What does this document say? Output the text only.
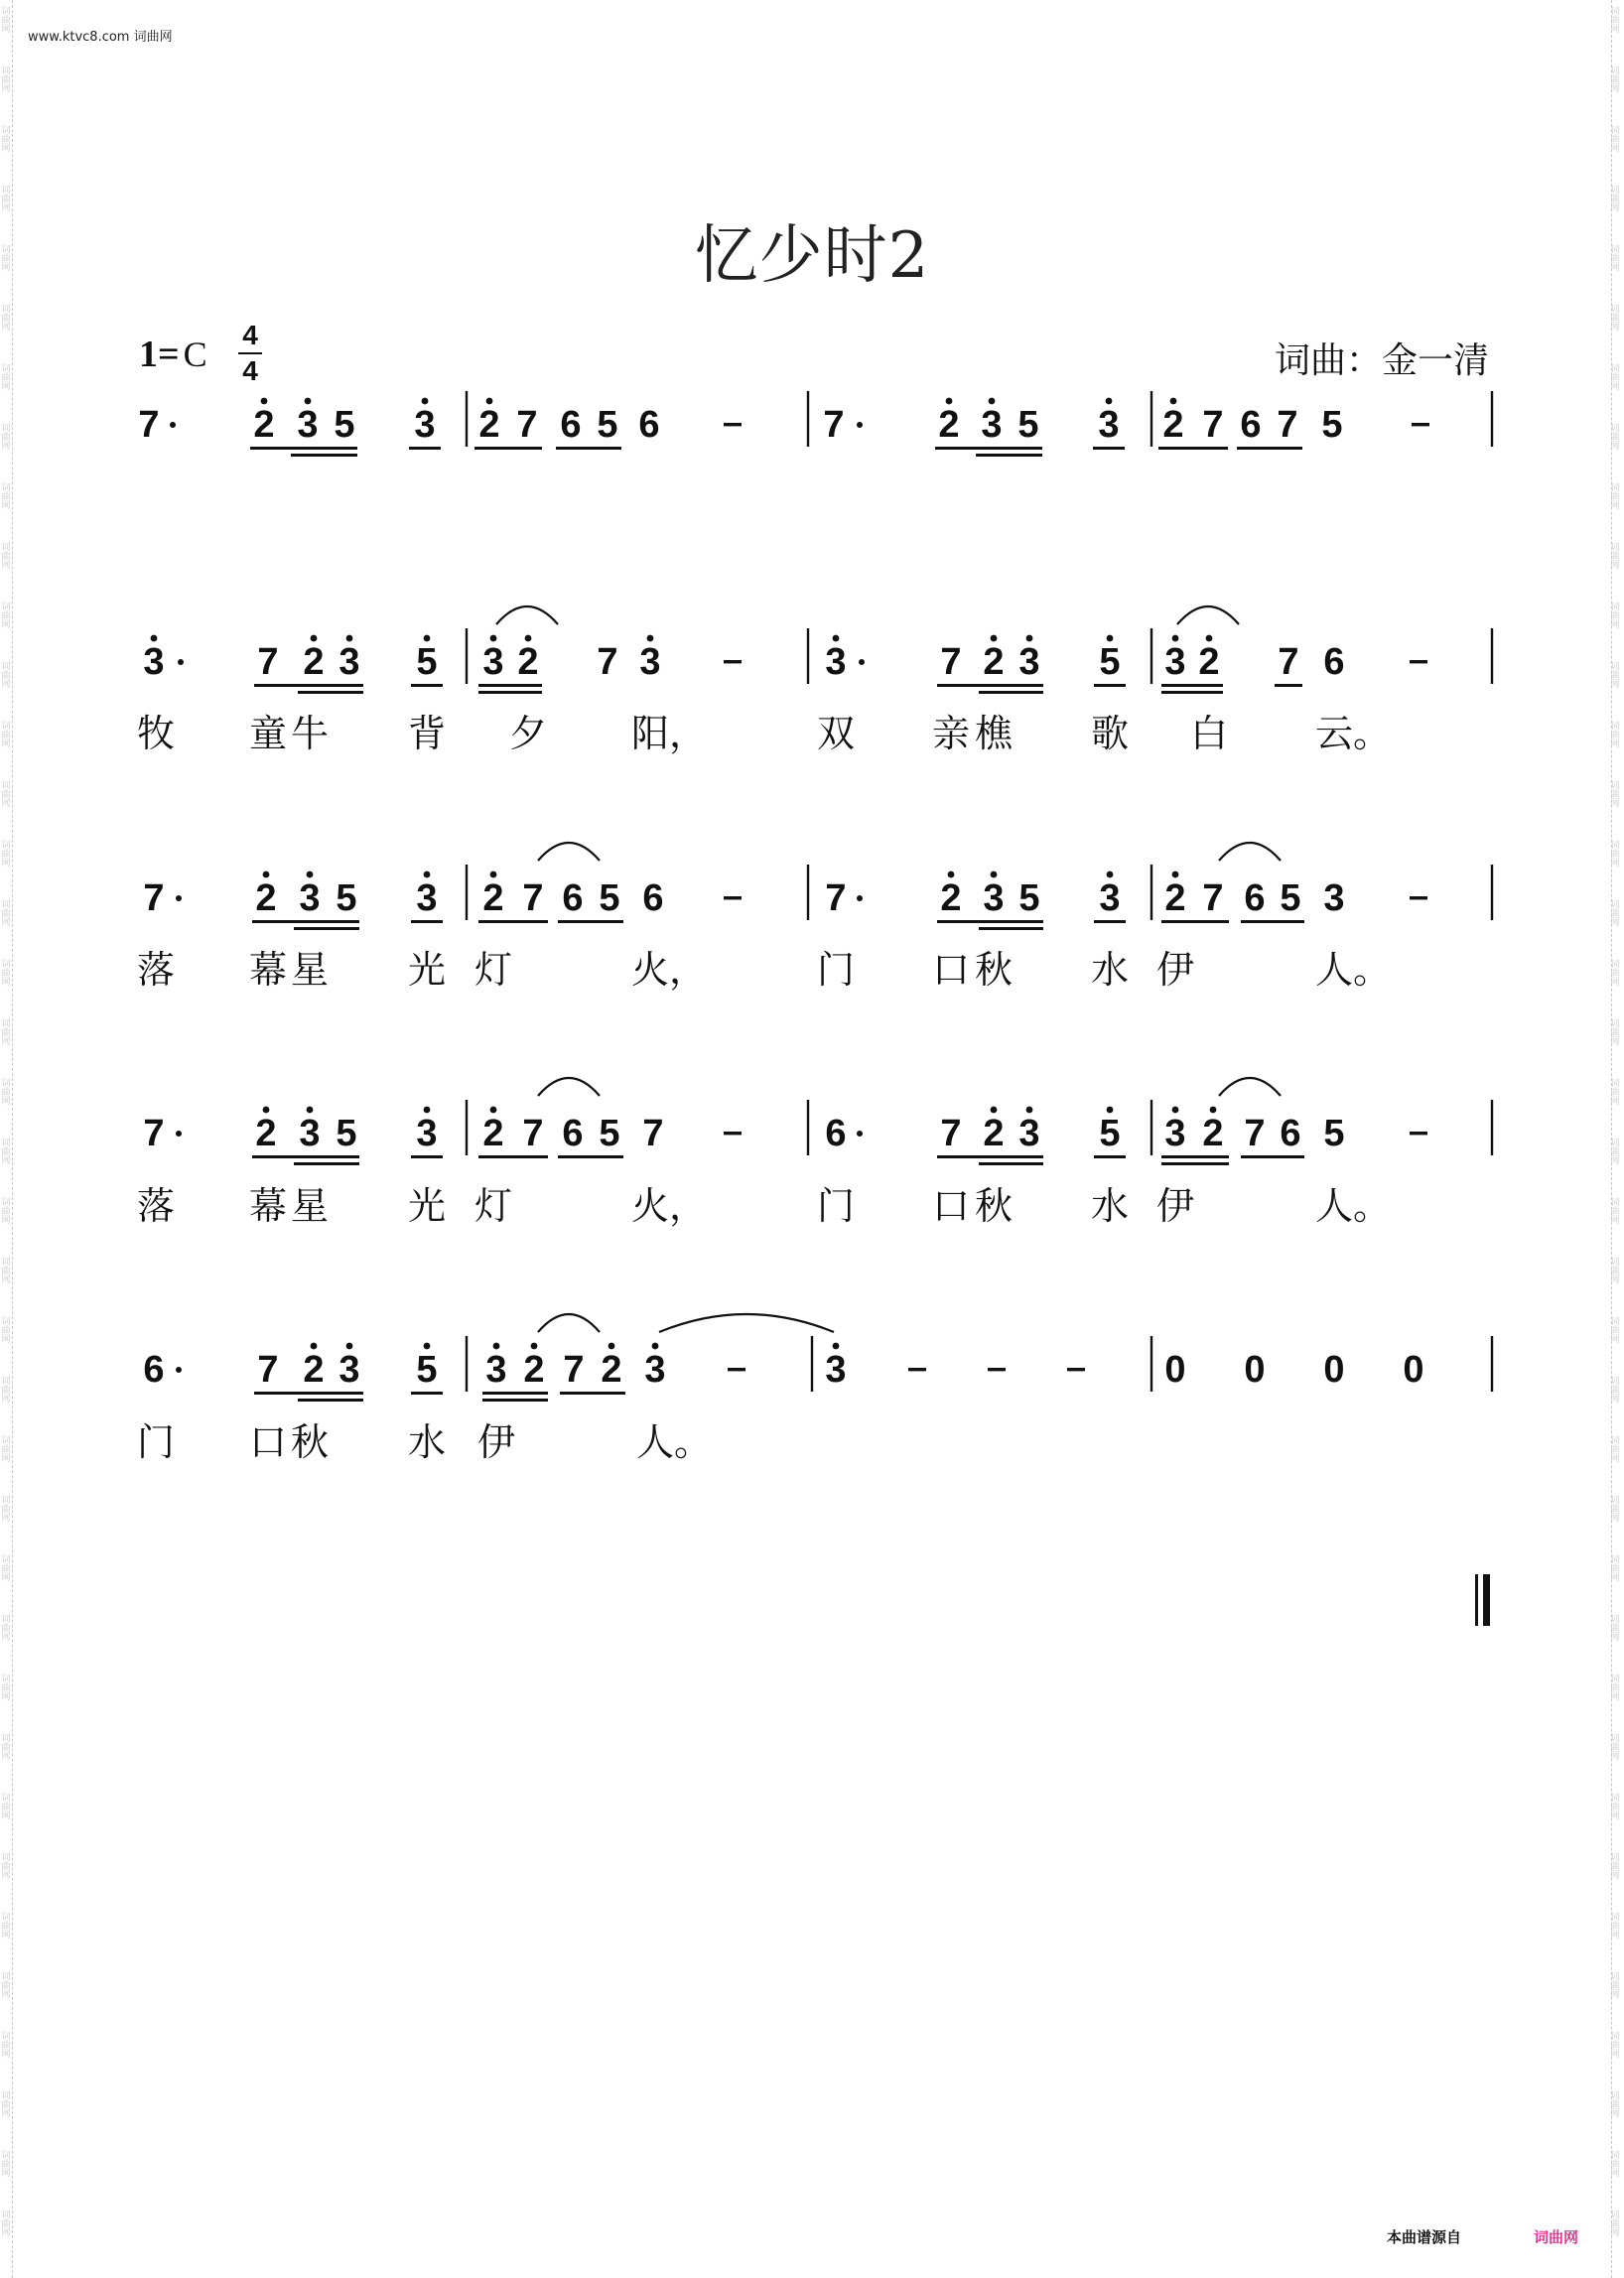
词曲网
词曲网
词曲网
词曲网
词曲网
词曲网
词曲网
词曲网
词曲网
词曲网
词曲网
词曲网
词曲网
词曲网
词曲网
词曲网
词曲网
词曲网
词曲网
词曲网
词曲网
词曲网
词曲网
词曲网
词曲网
词曲网
词曲网
词曲网
词曲网
词曲网
词曲网
词曲网
词曲网
词曲网
词曲网
词曲网
词曲网
词曲网
词曲网
词曲网
词曲网
词曲网
词曲网
词曲网
词曲网
词曲网
词曲网
词曲网
词曲网
词曲网
词曲网
词曲网
词曲网
词曲网
词曲网
词曲网
词曲网
词曲网
词曲网
词曲网
词曲网
词曲网
词曲网
词曲网
词曲网
词曲网
词曲网
词曲网
词曲网
词曲网
词曲网
词曲网
词曲网
词曲网
词曲网
词曲网
www.ktvc8.com 词曲网
忆少时2
1= C 4
4	词曲：金一清
7 2 3 5 3 2 7 6 5 6	7 2 3 5 3 2 7 6 7 5
3 7 2 3 5 3 2 7 3	3 7 2 3 5 3 2 7 6
7 2 3 5 3 2 7 6 5 6	7 2 3 5 3 2 7 6 5 3
7 2 3 5 3 2 7 6 5 7	6 7 2 3 5 3 2 7 6 5
6 7 2 3 5 3 2 7 2 3	3	0 0 0 0
牧 童 牛 背 夕 阳，	双 亲 樵 歌 白 云。
落 幕 星 光 灯	火，	门 口 秋 水 伊	人。
落 幕 星 光 灯	火，	门 口 秋 水 伊	人。
门 口 秋 水 伊	人。
本曲谱源自	词曲网
